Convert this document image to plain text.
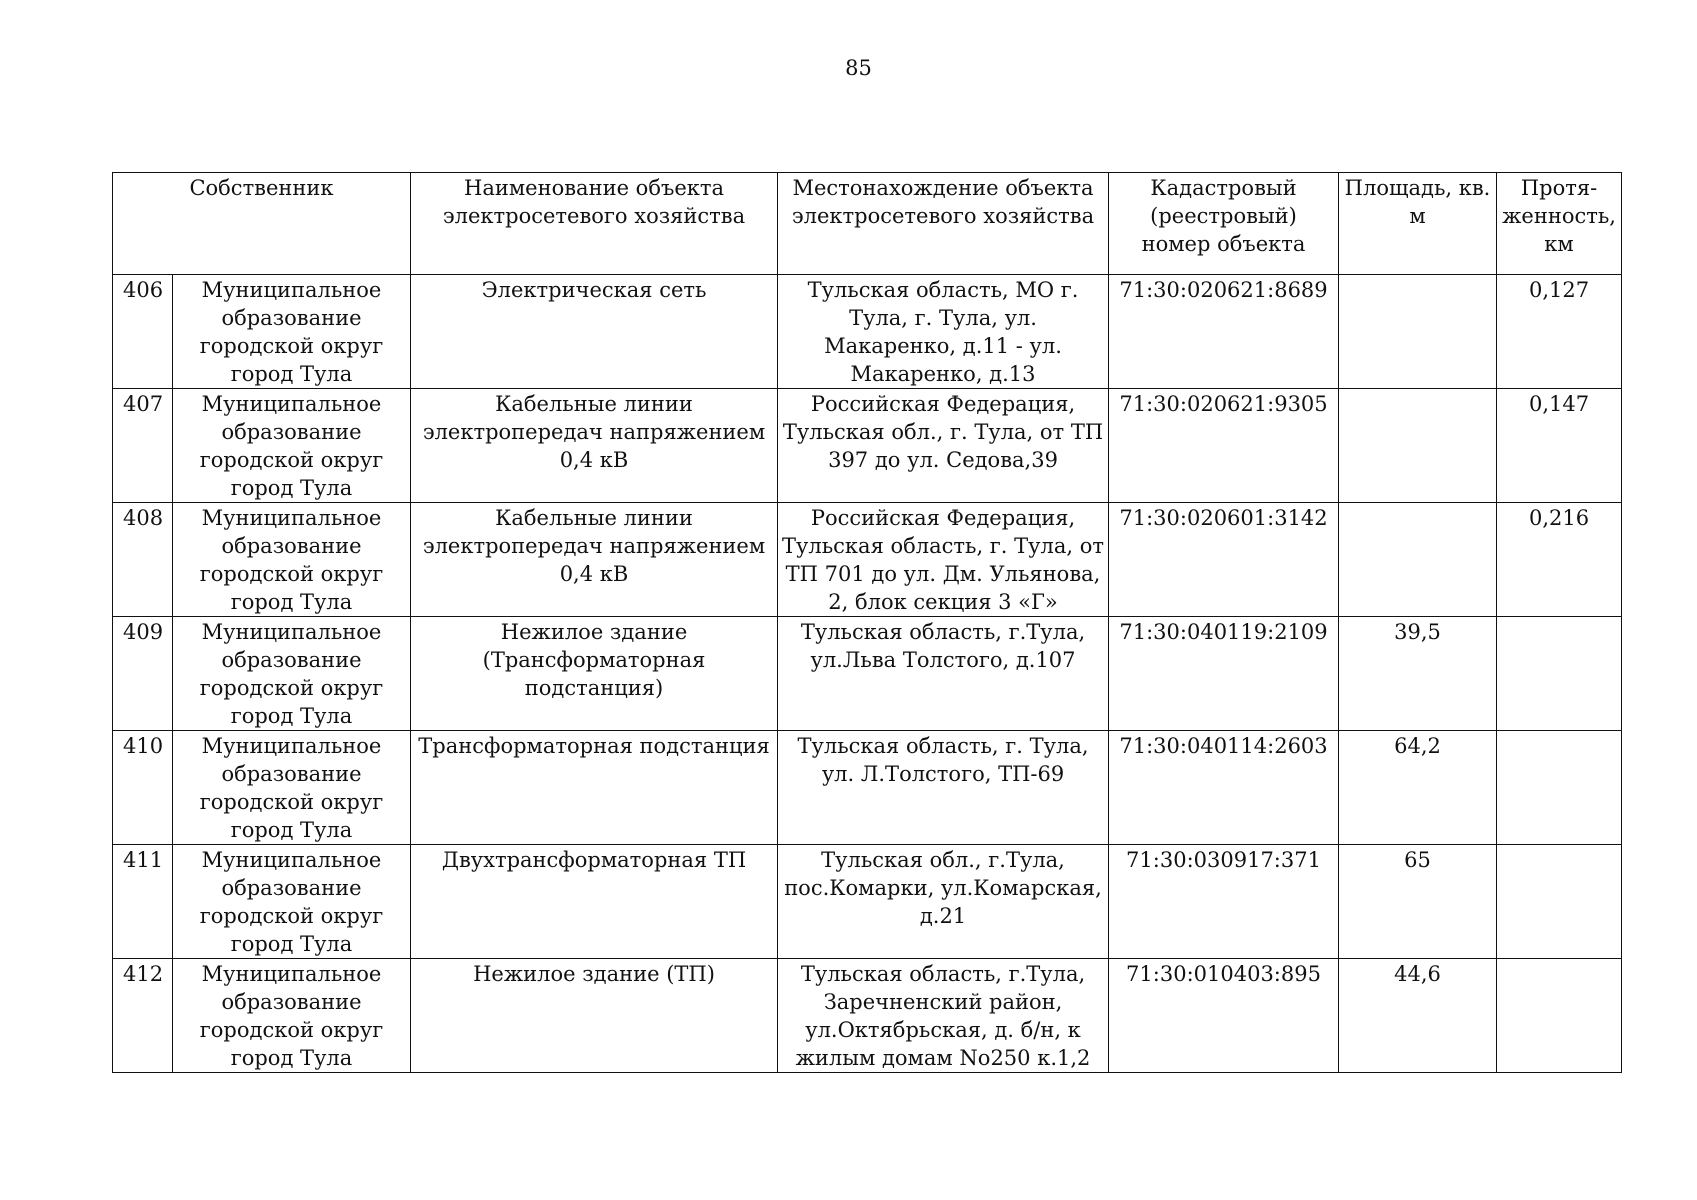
85
Собственник		Наименование объекта электросетевого хозяйства	Местонахождение объекта электросетевого хозяйства	Кадастровый (реестровый) номер объекта	Площадь, кв. м	Протя-женность, км
406	Муниципальное образование городской округ город Тула	Электрическая сеть	Тульская область, МО г. Тула, г. Тула, ул. Макаренко, д.11 - ул. Макаренко, д.13	71:30:020621:8689		0,127
407	Муниципальное образование городской округ город Тула	Кабельные линии электропередач напряжением 0,4 кВ	Российская Федерация, Тульская обл., г. Тула, от ТП 397 до ул. Седова,39	71:30:020621:9305		0,147
408	Муниципальное образование городской округ город Тула	Кабельные линии электропередач напряжением 0,4 кВ	Российская Федерация, Тульская область, г. Тула, от ТП 701 до ул. Дм. Ульянова, 2, блок секция 3 «Г»	71:30:020601:3142		0,216
409	Муниципальное образование городской округ город Тула	Нежилое здание (Трансформаторная подстанция)	Тульская область, г.Тула, ул.Льва Толстого, д.107	71:30:040119:2109	39,5	
410	Муниципальное образование городской округ город Тула	Трансформаторная подстанция	Тульская область, г. Тула, ул. Л.Толстого, ТП-69	71:30:040114:2603	64,2	
411	Муниципальное образование городской округ город Тула	Двухтрансформаторная ТП	Тульская обл., г.Тула, пос.Комарки, ул.Комарская, д.21	71:30:030917:371	65	
412	Муниципальное образование городской округ город Тула	Нежилое здание (ТП)	Тульская область, г.Тула, Заречненский район, ул.Октябрьская, д. б/н, к жилым домам No250 к.1,2	71:30:010403:895	44,6	
